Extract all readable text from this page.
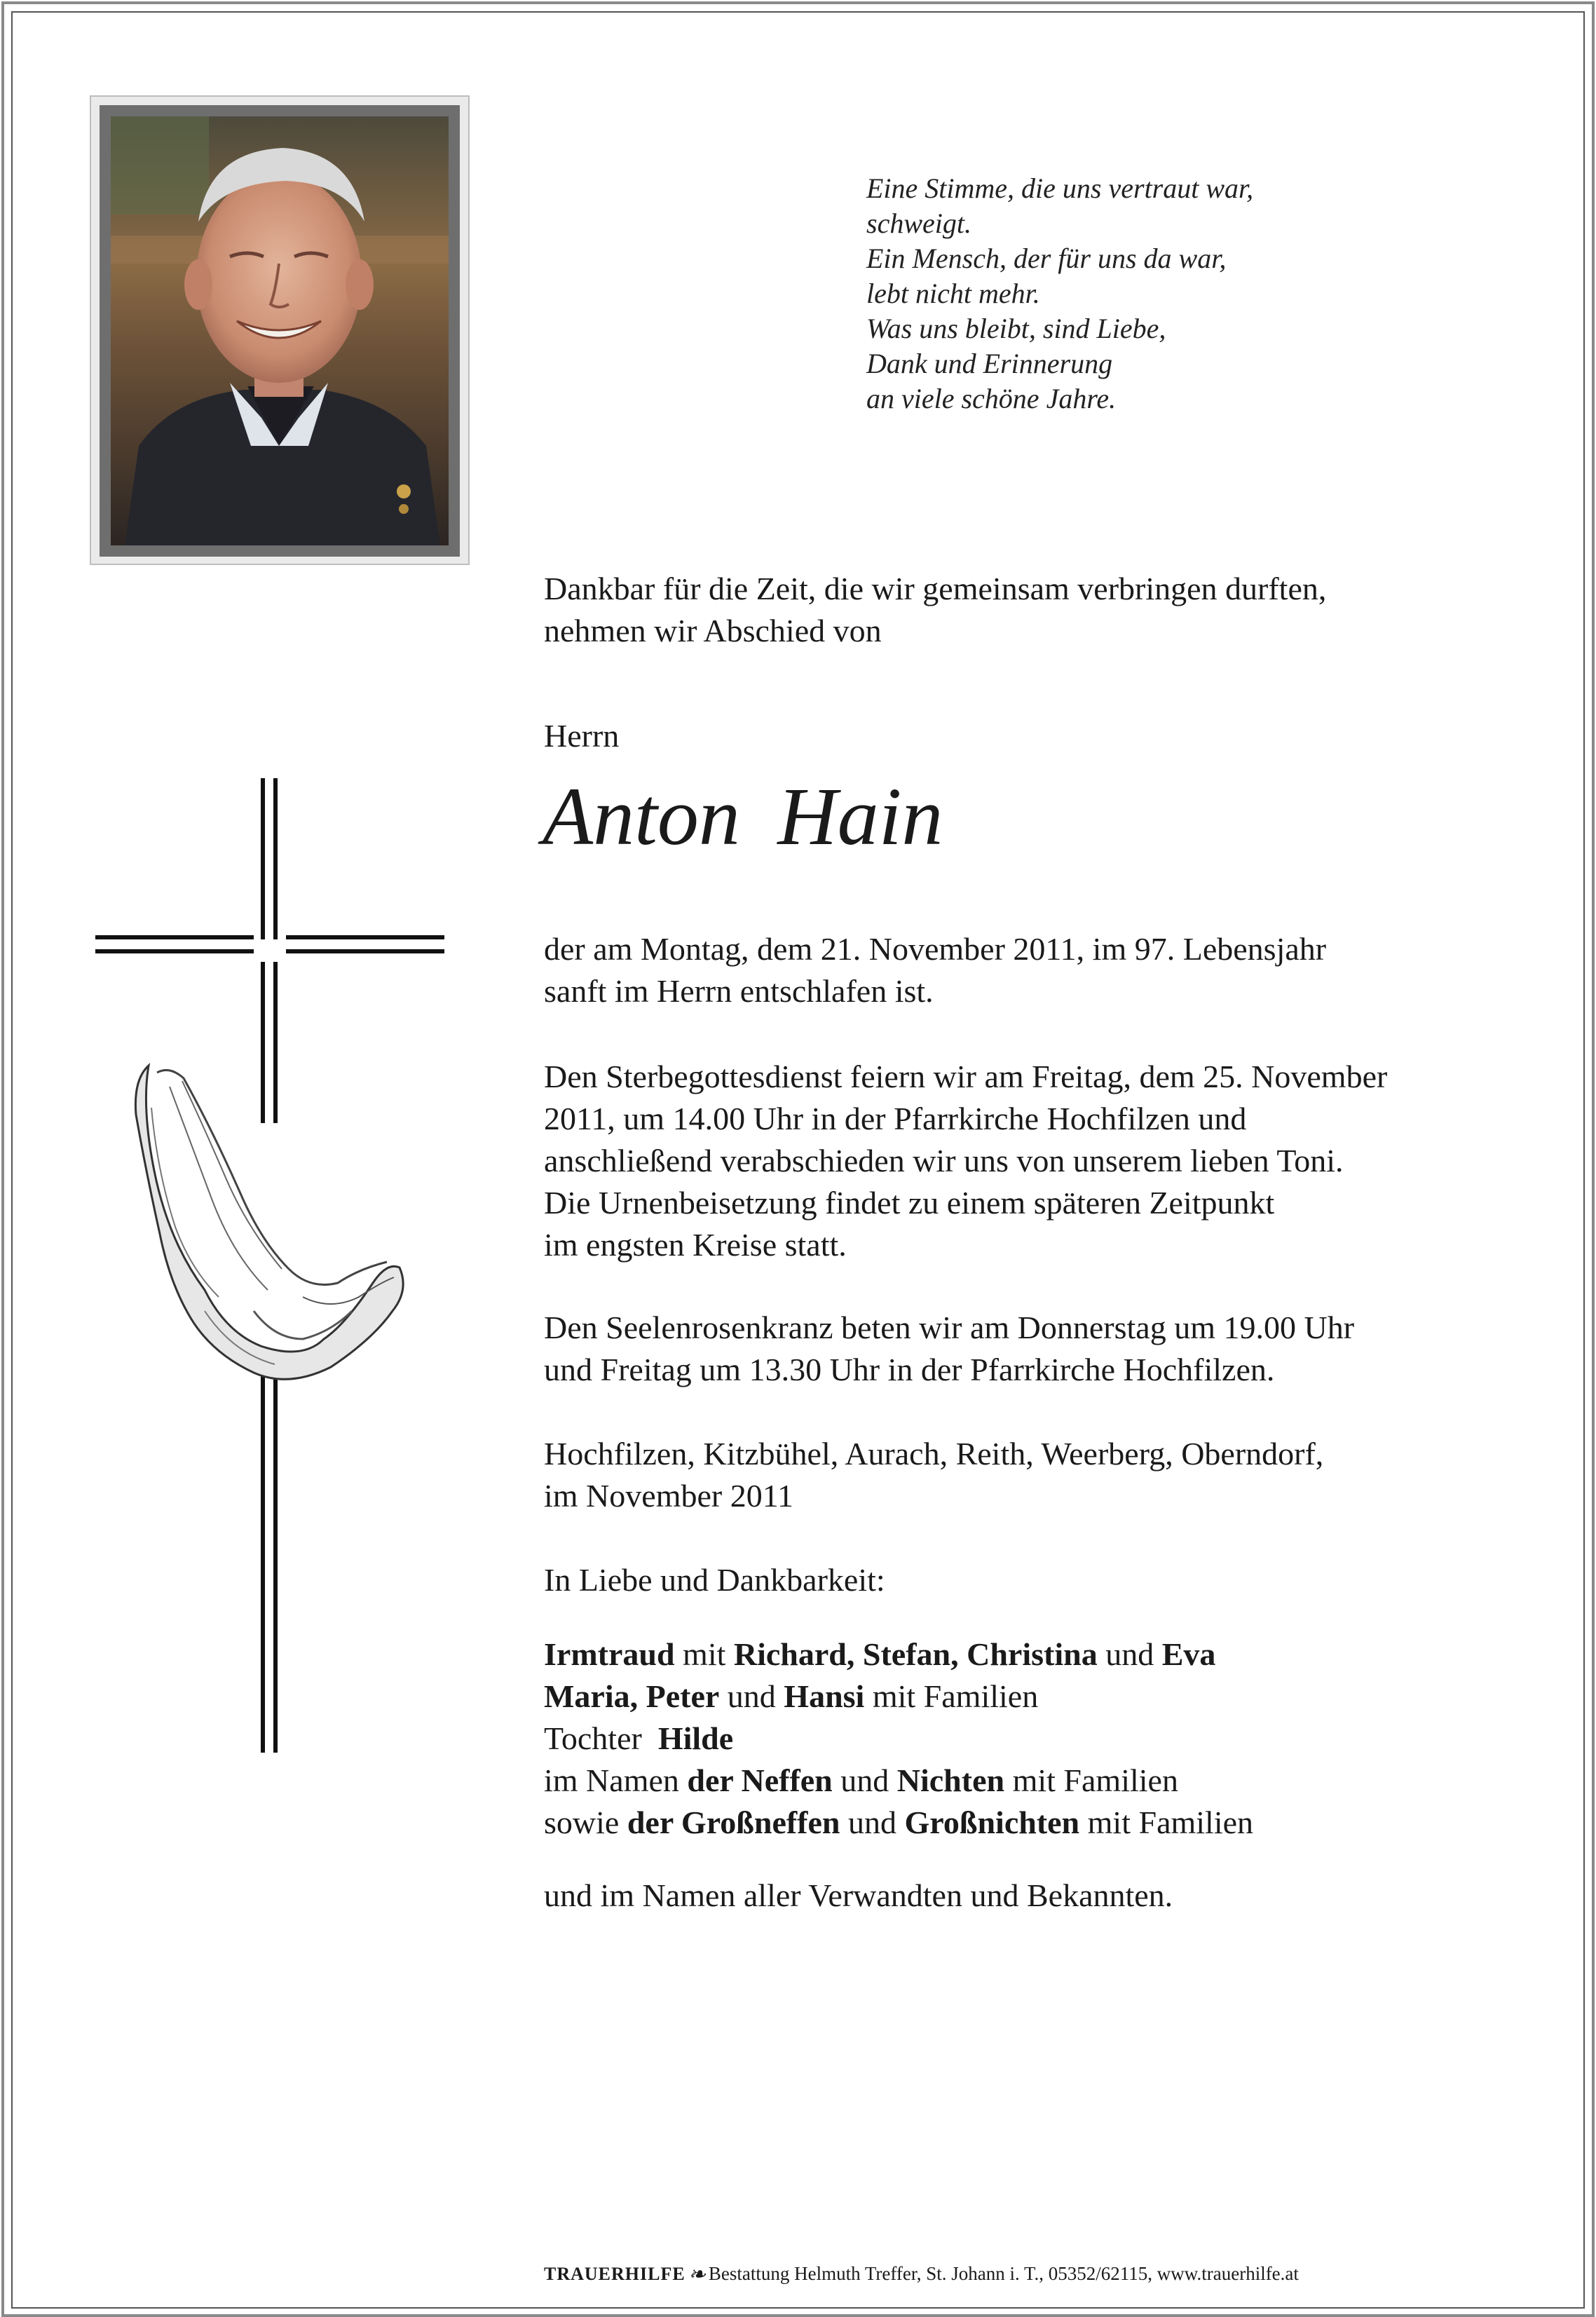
Eine Stimme, die uns vertraut war,
schweigt.
Ein Mensch, der für uns da war,
lebt nicht mehr.
Was uns bleibt, sind Liebe,
Dank und Erinnerung
an viele schöne Jahre.

Dankbar für die Zeit, die wir gemeinsam verbringen durften,

nehmen wir Abschied von

Herrn
Anton Hain

der am Montag, dem 21. November 2011, im 97. Lebensjahr

sanft im Herrn entschlafen ist.

Den Sterbegottesdienst feiern wir am Freitag, dem 25. November

2011, um 14.00 Uhr in der Pfarrkirche Hochfilzen und

anschließend verabschieden wir uns von unserem lieben Toni.

Die Urnenbeisetzung findet zu einem späteren Zeitpunkt

im engsten Kreise statt.

Den Seelenrosenkranz beten wir am Donnerstag um 19.00 Uhr

und Freitag um 13.30 Uhr in der Pfarrkirche Hochfilzen.

Hochfilzen, Kitzbühel, Aurach, Reith, Weerberg, Oberndorf,

im November 2011

In Liebe und Dankbarkeit:

Irmtraud mit Richard, Stefan, Christina und Eva

Maria, Peter und Hansi mit Familien

Tochter  Hilde

im Namen der Neffen und Nichten mit Familien

sowie der Großneffen und Großnichten mit Familien

und im Namen aller Verwandten und Bekannten.
TRAUERHILFE ❧ Bestattung Helmuth Treffer, St. Johann i. T., 05352/62115, www.trauerhilfe.at
